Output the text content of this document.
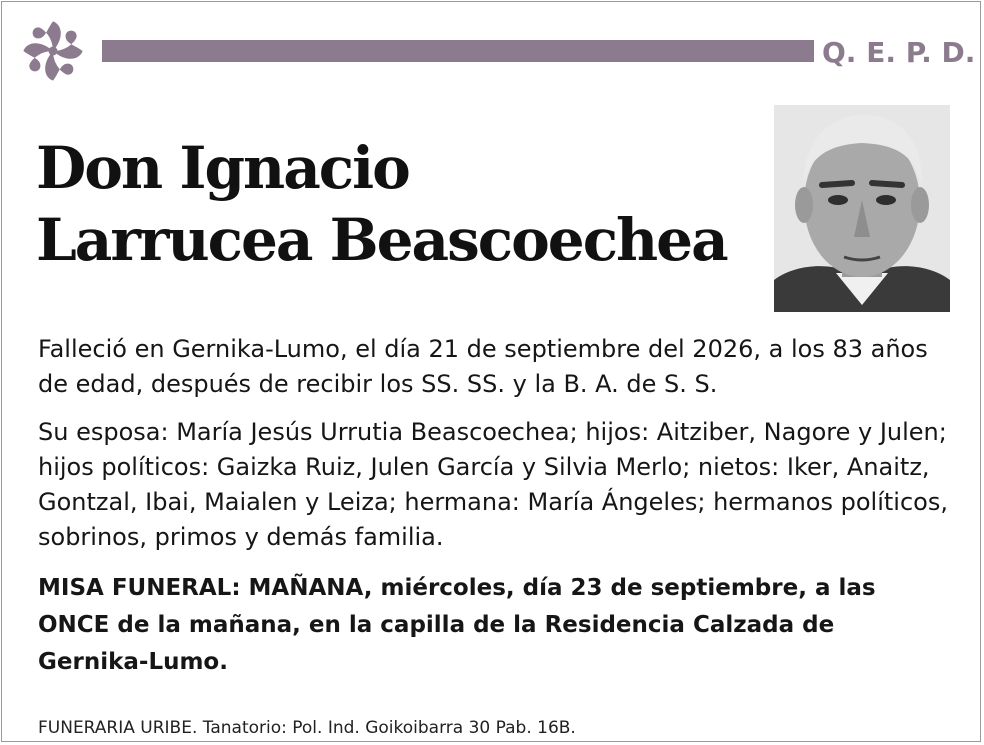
Q. E. P. D.
Don Ignacio
Larrucea Beascoechea
Falleció en Gernika-Lumo, el día 21 de septiembre del 2026, a los 83 años de edad, después de recibir los SS. SS. y la B. A. de S. S.
Su esposa: María Jesús Urrutia Beascoechea; hijos: Aitziber, Nagore y Julen; hijos políticos: Gaizka Ruiz, Julen García y Silvia Merlo; nietos: Iker, Anaitz, Gontzal, Ibai, Maialen y Leiza; hermana: María Ángeles; hermanos políticos, sobrinos, primos y demás familia.
MISA FUNERAL: MAÑANA, miércoles, día 23 de septiembre, a las ONCE de la mañana, en la capilla de la Residencia Calzada de Gernika-Lumo.
FUNERARIA URIBE. Tanatorio: Pol. Ind. Goikoibarra 30 Pab. 16B.
